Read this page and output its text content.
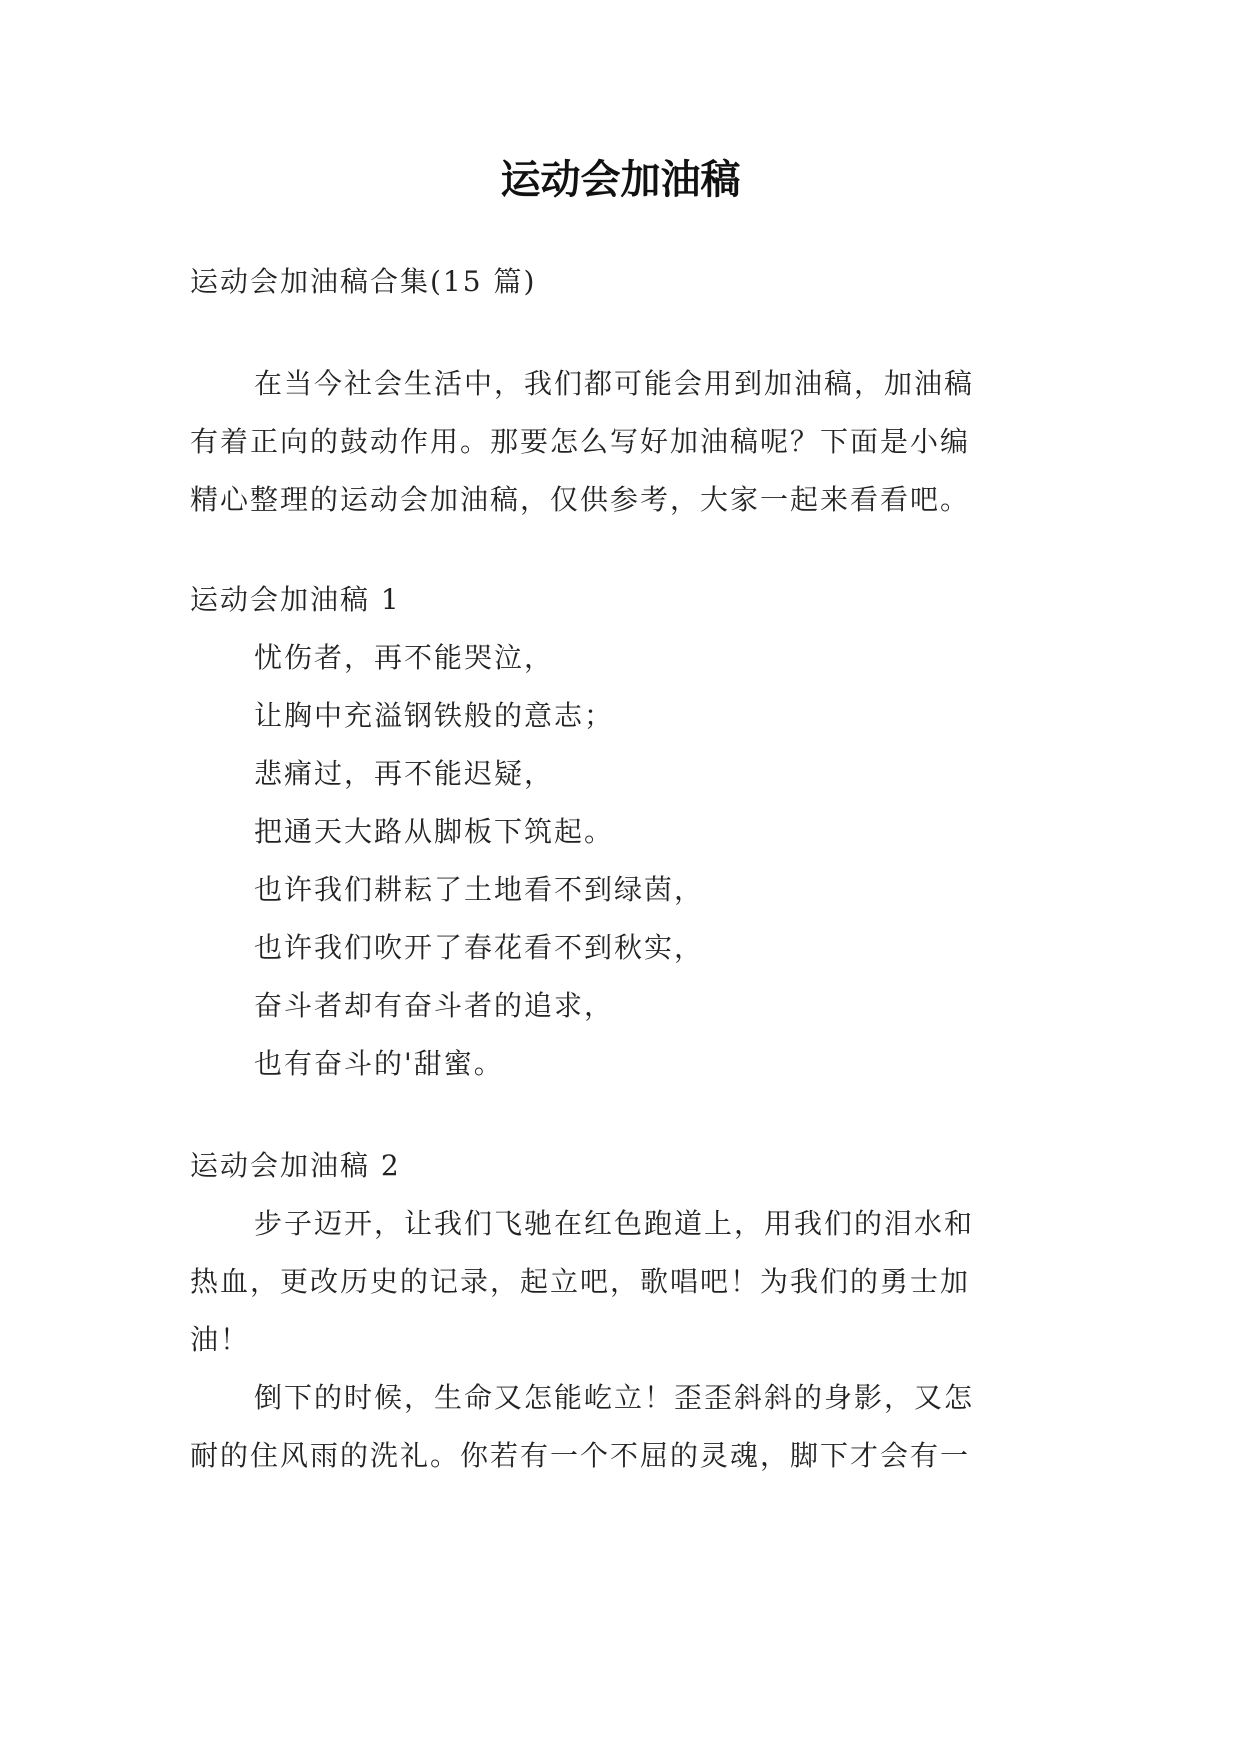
运动会加油稿
运动会加油稿合集(15 篇)
在当今社会生活中，我们都可能会用到加油稿，加油稿
有着正向的鼓动作用。那要怎么写好加油稿呢？下面是小编
精心整理的运动会加油稿，仅供参考，大家一起来看看吧。
运动会加油稿 1
忧伤者，再不能哭泣，
让胸中充溢钢铁般的意志；
悲痛过，再不能迟疑，
把通天大路从脚板下筑起。
也许我们耕耘了土地看不到绿茵，
也许我们吹开了春花看不到秋实，
奋斗者却有奋斗者的追求，
也有奋斗的'甜蜜。
运动会加油稿 2
步子迈开，让我们飞驰在红色跑道上，用我们的泪水和
热血，更改历史的记录，起立吧，歌唱吧！为我们的勇士加
油！
倒下的时候，生命又怎能屹立！歪歪斜斜的身影，又怎
耐的住风雨的洗礼。你若有一个不屈的灵魂，脚下才会有一
